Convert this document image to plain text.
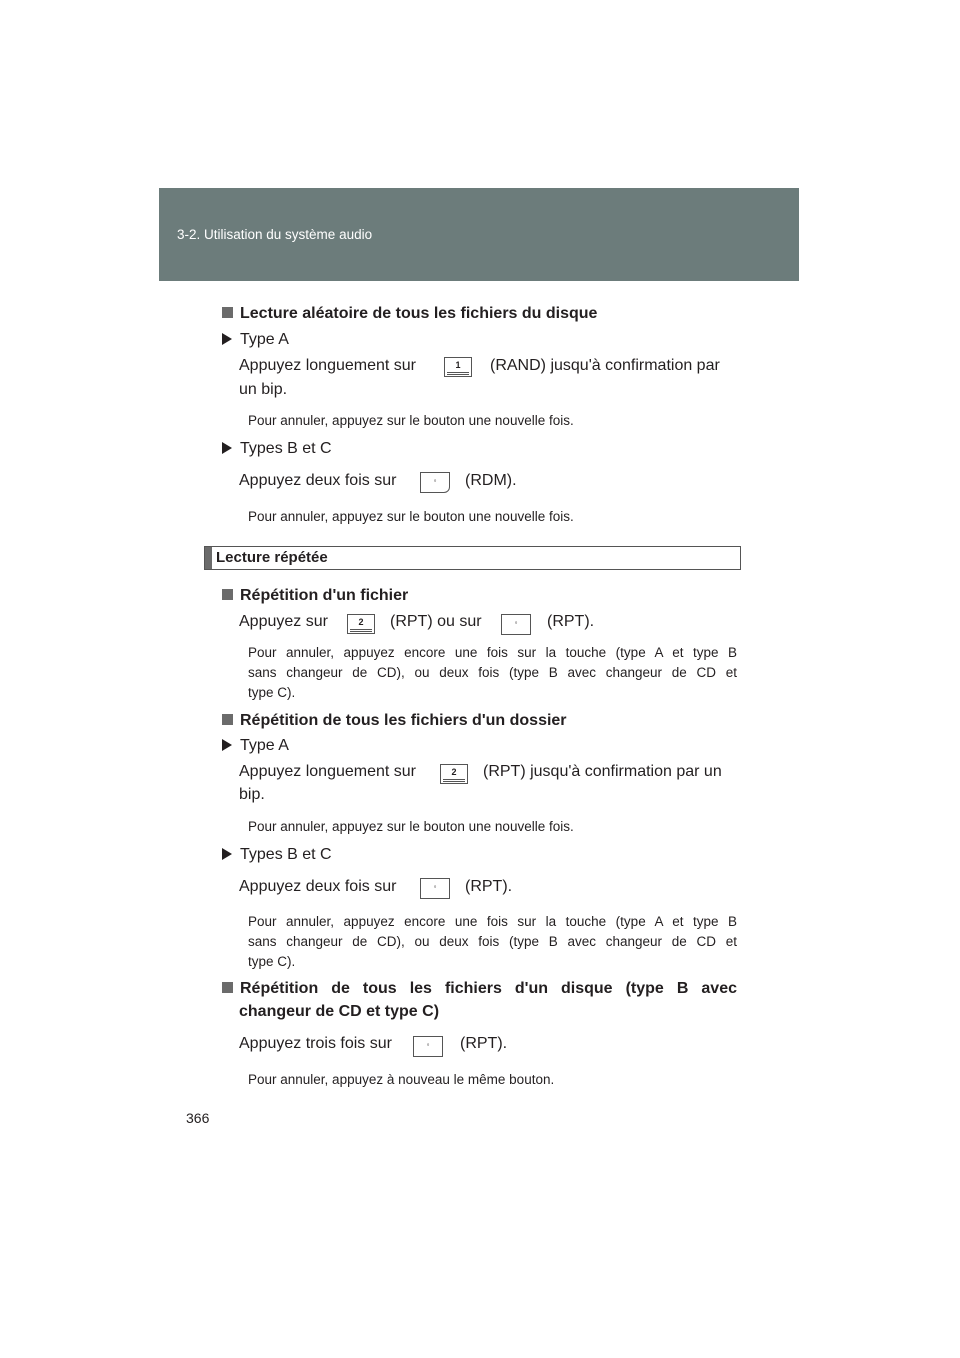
3-2. Utilisation du système audio
Lecture aléatoire de tous les fichiers du disque
Type A
Appuyez longuement sur	1	(RAND) jusqu'à confirmation par
un bip.
Pour annuler, appuyez sur le bouton une nouvelle fois.
Types B et C
Appuyez deux fois sur	◦	(RDM).
Pour annuler, appuyez sur le bouton une nouvelle fois.
Lecture répétée
Répétition d'un fichier
Appuyez sur	2	(RPT) ou sur	◦	(RPT).
Pour annuler, appuyez encore une fois sur la touche (type A et type B
sans changeur de CD), ou deux fois (type B avec changeur de CD et
type C).
Répétition de tous les fichiers d'un dossier
Type A
Appuyez longuement sur	2	(RPT) jusqu'à confirmation par un
bip.
Pour annuler, appuyez sur le bouton une nouvelle fois.
Types B et C
Appuyez deux fois sur	◦	(RPT).
Pour annuler, appuyez encore une fois sur la touche (type A et type B
sans changeur de CD), ou deux fois (type B avec changeur de CD et
type C).
Répétition de tous les fichiers d'un disque (type B avec
changeur de CD et type C)
Appuyez trois fois sur	◦	(RPT).
Pour annuler, appuyez à nouveau le même bouton.
366
